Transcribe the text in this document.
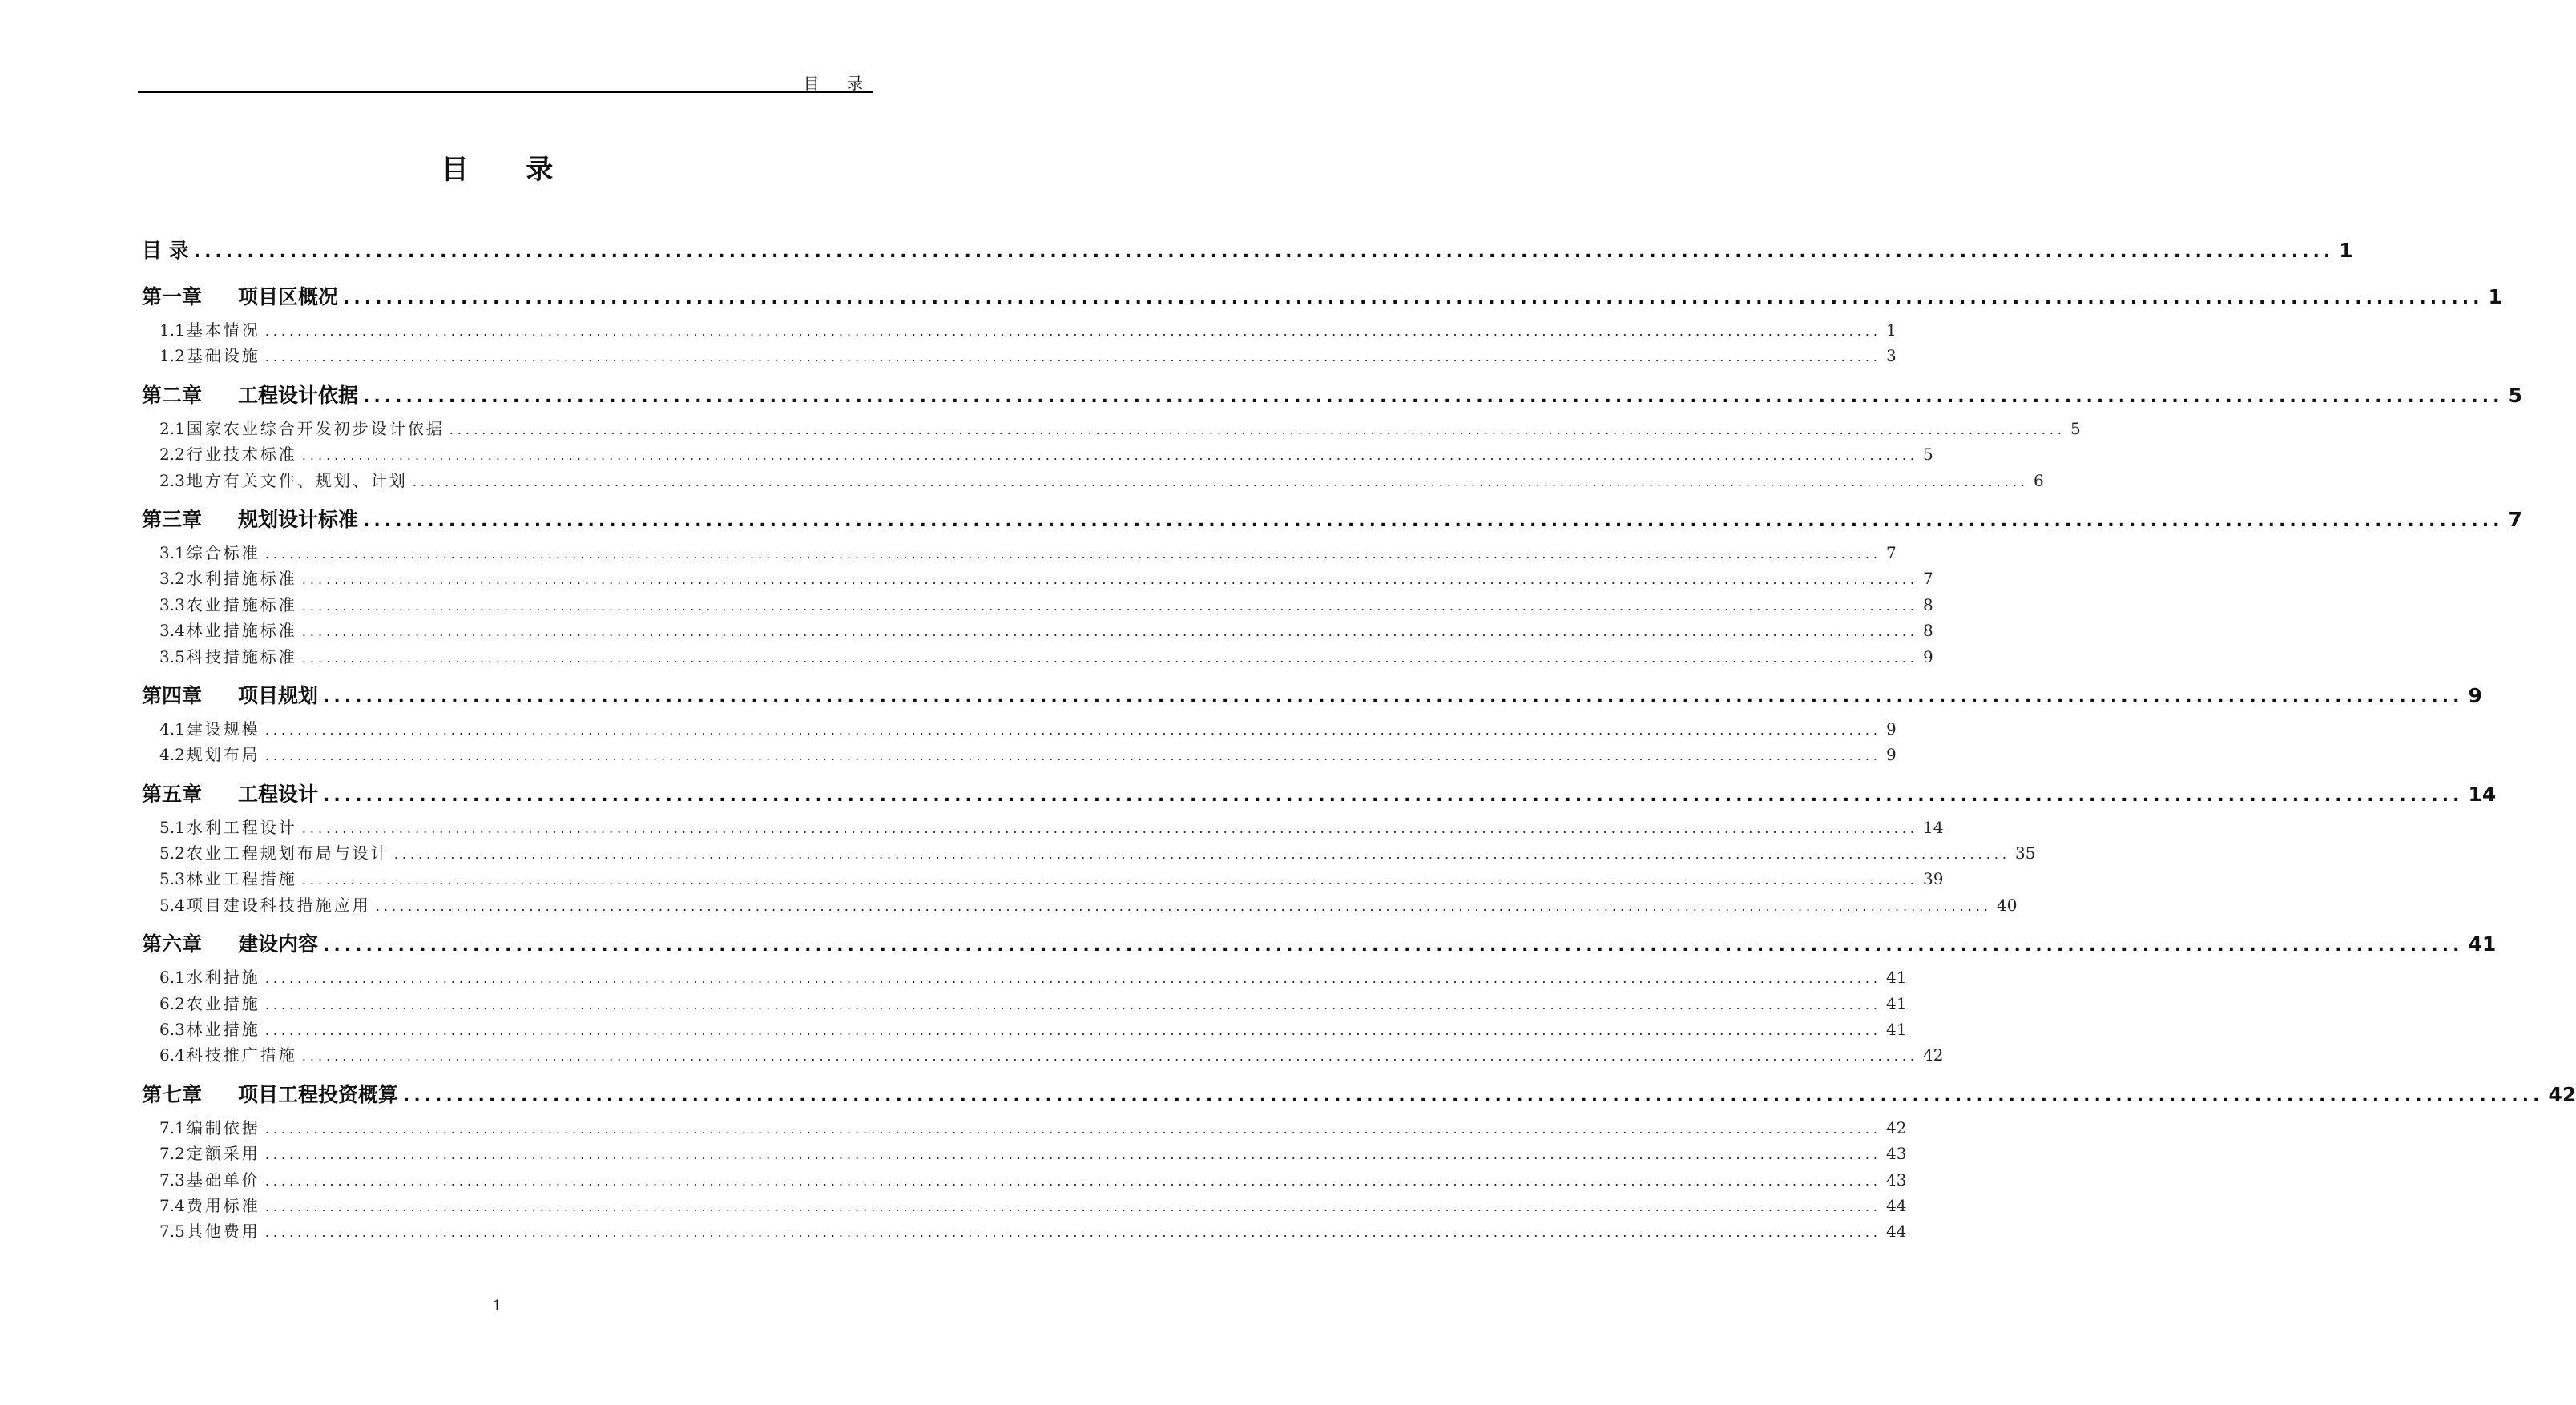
目 录
目 录
目 录 ........................................................................................................................................................................................................ 1
第一章 项目区概况 ........................................................................................................................................................................................................ 1
1.1 基本情况 ........................................................................................................................................................................................................ 1
1.2 基础设施 ........................................................................................................................................................................................................ 3
第二章 工程设计依据 ........................................................................................................................................................................................................ 5
2.1 国家农业综合开发初步设计依据 ........................................................................................................................................................................................................ 5
2.2 行业技术标准 ........................................................................................................................................................................................................ 5
2.3 地方有关文件、规划、计划 ........................................................................................................................................................................................................ 6
第三章 规划设计标准 ........................................................................................................................................................................................................ 7
3.1 综合标准 ........................................................................................................................................................................................................ 7
3.2 水利措施标准 ........................................................................................................................................................................................................ 7
3.3 农业措施标准 ........................................................................................................................................................................................................ 8
3.4 林业措施标准 ........................................................................................................................................................................................................ 8
3.5 科技措施标准 ........................................................................................................................................................................................................ 9
第四章 项目规划 ........................................................................................................................................................................................................ 9
4.1 建设规模 ........................................................................................................................................................................................................ 9
4.2 规划布局 ........................................................................................................................................................................................................ 9
第五章 工程设计 ........................................................................................................................................................................................................ 14
5.1 水利工程设计 ........................................................................................................................................................................................................ 14
5.2 农业工程规划布局与设计 ........................................................................................................................................................................................................ 35
5.3 林业工程措施 ........................................................................................................................................................................................................ 39
5.4 项目建设科技措施应用 ........................................................................................................................................................................................................ 40
第六章 建设内容 ........................................................................................................................................................................................................ 41
6.1 水利措施 ........................................................................................................................................................................................................ 41
6.2 农业措施 ........................................................................................................................................................................................................ 41
6.3 林业措施 ........................................................................................................................................................................................................ 41
6.4 科技推广措施 ........................................................................................................................................................................................................ 42
第七章 项目工程投资概算 ........................................................................................................................................................................................................ 42
7.1 编制依据 ........................................................................................................................................................................................................ 42
7.2 定额采用 ........................................................................................................................................................................................................ 43
7.3 基础单价 ........................................................................................................................................................................................................ 43
7.4 费用标准 ........................................................................................................................................................................................................ 44
7.5 其他费用 ........................................................................................................................................................................................................ 44
1
